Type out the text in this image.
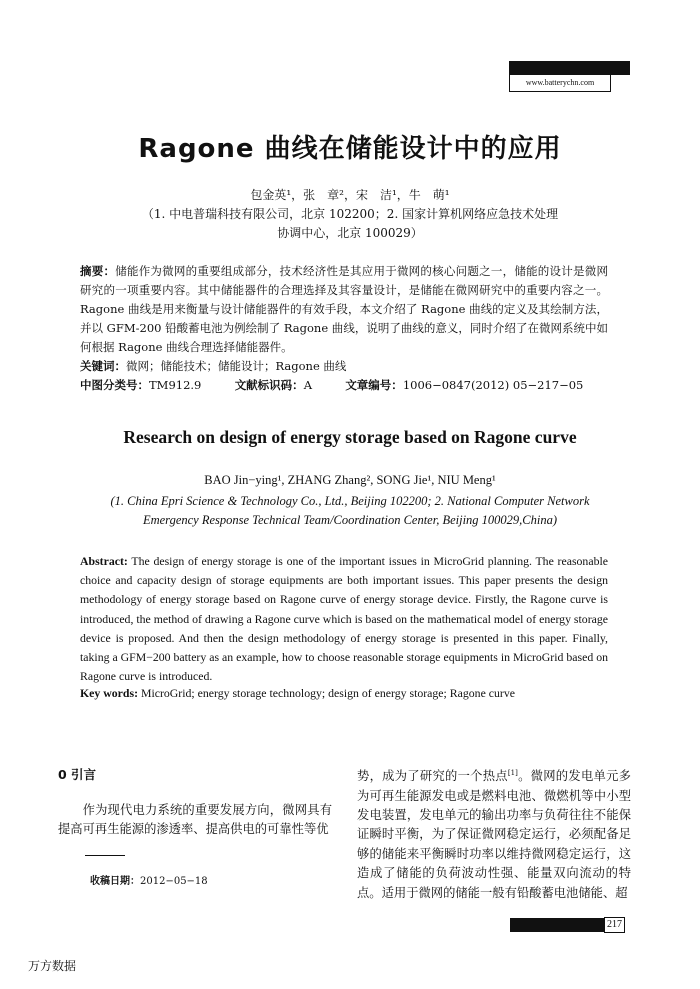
www.batterychn.com
Ragone 曲线在储能设计中的应用
包金英¹，张　章²，宋　洁¹，牛　萌¹
（1. 中电普瑞科技有限公司，北京 102200；2. 国家计算机网络应急技术处理
协调中心，北京 100029）
摘要：储能作为微网的重要组成部分，技术经济性是其应用于微网的核心问题之一，储能的设计是微网研究的一项重要内容。其中储能器件的合理选择及其容量设计，是储能在微网研究中的重要内容之一。Ragone 曲线是用来衡量与设计储能器件的有效手段，本文介绍了 Ragone 曲线的定义及其绘制方法，并以 GFM-200 铅酸蓄电池为例绘制了 Ragone 曲线，说明了曲线的意义，同时介绍了在微网系统中如何根据 Ragone 曲线合理选择储能器件。
关键词：微网；储能技术；储能设计；Ragone 曲线
中图分类号：TM912.9	文献标识码：A	文章编号：1006−0847(2012) 05−217−05
Research on design of energy storage based on Ragone curve
BAO Jin−ying¹, ZHANG Zhang², SONG Jie¹, NIU Meng¹
(1. China Epri Science & Technology Co., Ltd., Beijing 102200; 2. National Computer Network
Emergency Response Technical Team/Coordination Center, Beijing 100029,China)
Abstract: The design of energy storage is one of the important issues in MicroGrid planning. The reasonable choice and capacity design of storage equipments are both important issues. This paper presents the design methodology of energy storage based on Ragone curve of energy storage device. Firstly, the Ragone curve is introduced, the method of drawing a Ragone curve which is based on the mathematical model of energy storage device is proposed. And then the design methodology of energy storage is presented in this paper. Finally, taking a GFM−200 battery as an example, how to choose reasonable storage equipments in MicroGrid based on Ragone curve is introduced.
Key words: MicroGrid; energy storage technology; design of energy storage; Ragone curve
0 引言
作为现代电力系统的重要发展方向，微网具有提高可再生能源的渗透率、提高供电的可靠性等优
势，成为了研究的一个热点[1]。微网的发电单元多为可再生能源发电或是燃料电池、微燃机等中小型发电装置，发电单元的输出功率与负荷往往不能保证瞬时平衡，为了保证微网稳定运行，必须配备足够的储能来平衡瞬时功率以维持微网稳定运行，这造成了储能的负荷波动性强、能量双向流动的特点。适用于微网的储能一般有铅酸蓄电池储能、超
收稿日期：2012−05−18
217
万方数据
